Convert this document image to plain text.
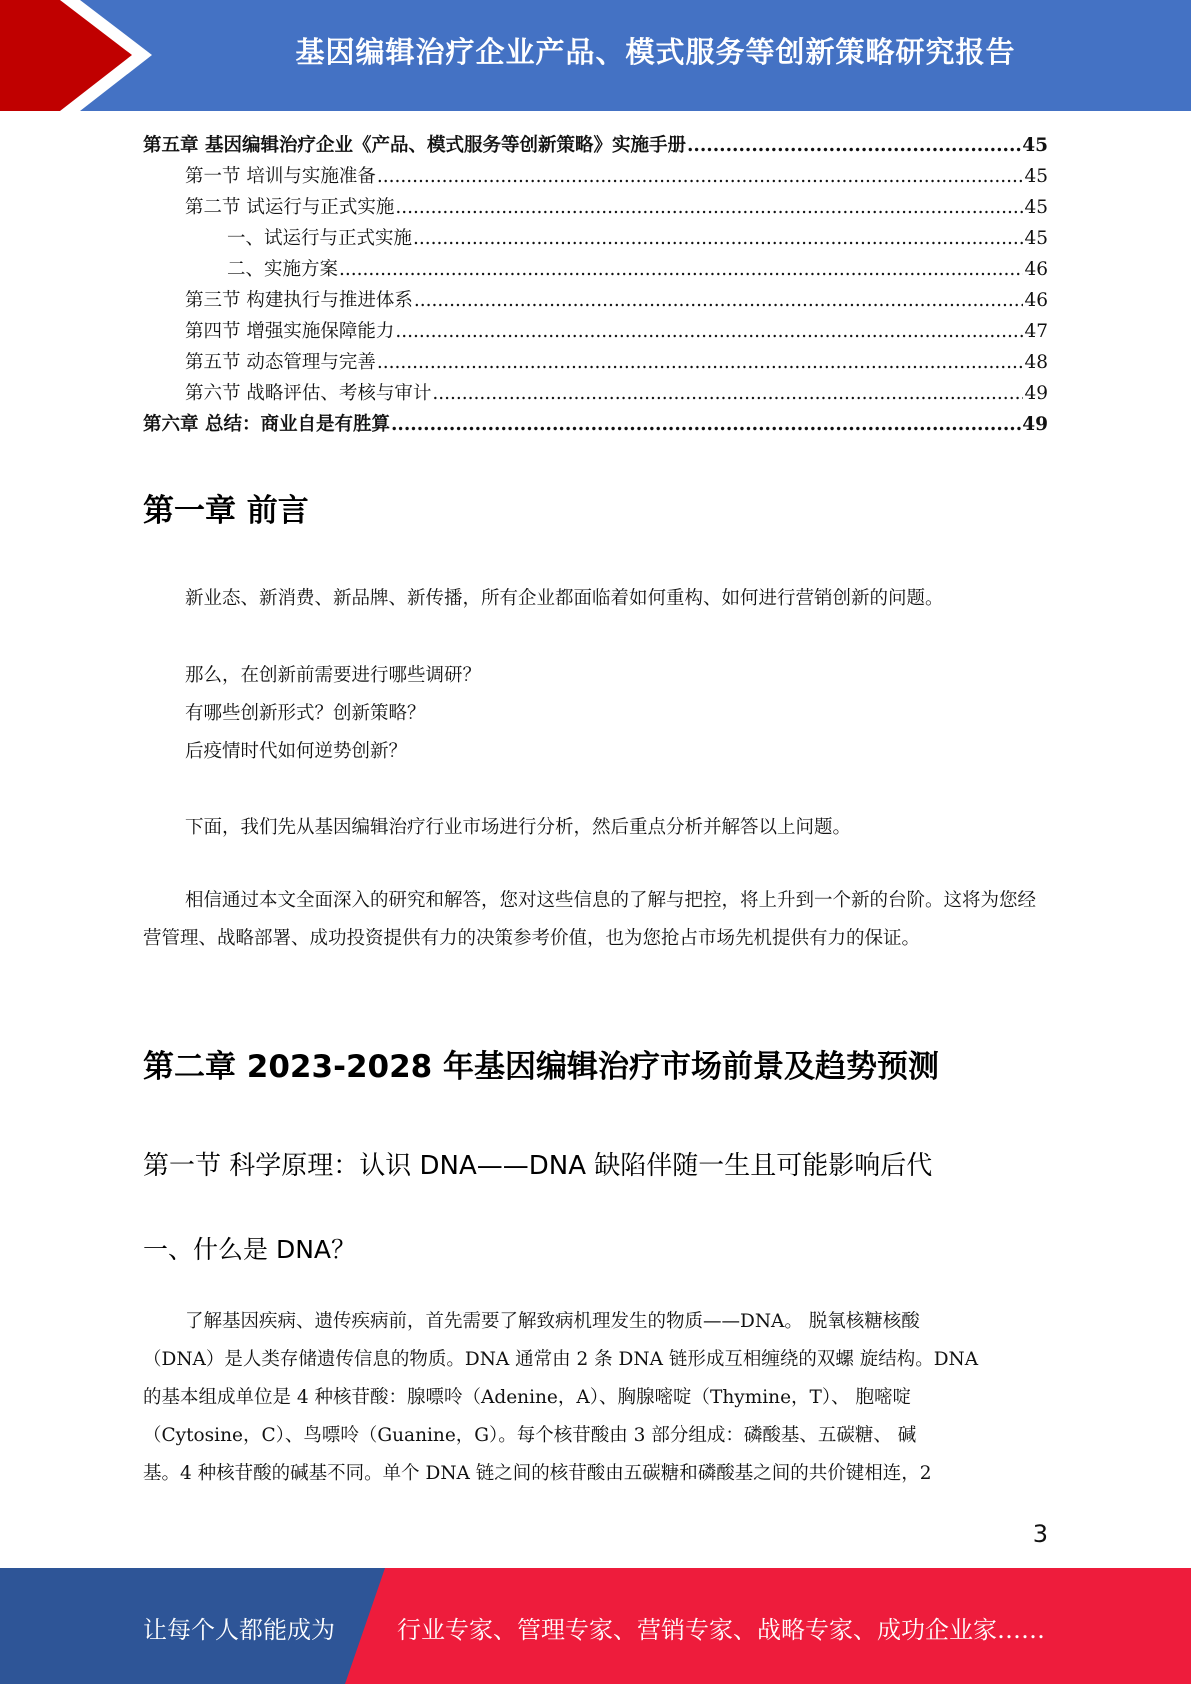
基因编辑治疗企业产品、模式服务等创新策略研究报告
第五章 基因编辑治疗企业《产品、模式服务等创新策略》实施手册 .....	45
第一节 培训与实施准备 .....	45
第二节 试运行与正式实施 .....	45
一、试运行与正式实施 .....	45
二、实施方案 .....	46
第三节 构建执行与推进体系 .....	46
第四节 增强实施保障能力 .....	47
第五节 动态管理与完善 .....	48
第六节 战略评估、考核与审计 .....	49
第六章 总结：商业自是有胜算 .....	49
第一章 前言
新业态、新消费、新品牌、新传播，所有企业都面临着如何重构、如何进行营销创新的问题。
那么，在创新前需要进行哪些调研？
有哪些创新形式？创新策略？
后疫情时代如何逆势创新？
下面，我们先从基因编辑治疗行业市场进行分析，然后重点分析并解答以上问题。
相信通过本文全面深入的研究和解答，您对这些信息的了解与把控，将上升到一个新的台阶。这将为您经营管理、战略部署、成功投资提供有力的决策参考价值，也为您抢占市场先机提供有力的保证。
第二章 2023-2028 年基因编辑治疗市场前景及趋势预测
第一节 科学原理：认识 DNA——DNA 缺陷伴随一生且可能影响后代
一、什么是 DNA？
了解基因疾病、遗传疾病前，首先需要了解致病机理发生的物质——DNA。 脱氧核糖核酸
（DNA）是人类存储遗传信息的物质。DNA 通常由 2 条 DNA 链形成互相缠绕的双螺 旋结构。DNA
的基本组成单位是 4 种核苷酸：腺嘌呤（Adenine，A）、胸腺嘧啶（Thymine，T）、 胞嘧啶
（Cytosine，C）、鸟嘌呤（Guanine，G）。每个核苷酸由 3 部分组成：磷酸基、五碳糖、 碱
基。4 种核苷酸的碱基不同。单个 DNA 链之间的核苷酸由五碳糖和磷酸基之间的共价键相连，2
3
让每个人都能成为	行业专家、管理专家、营销专家、战略专家、成功企业家……
